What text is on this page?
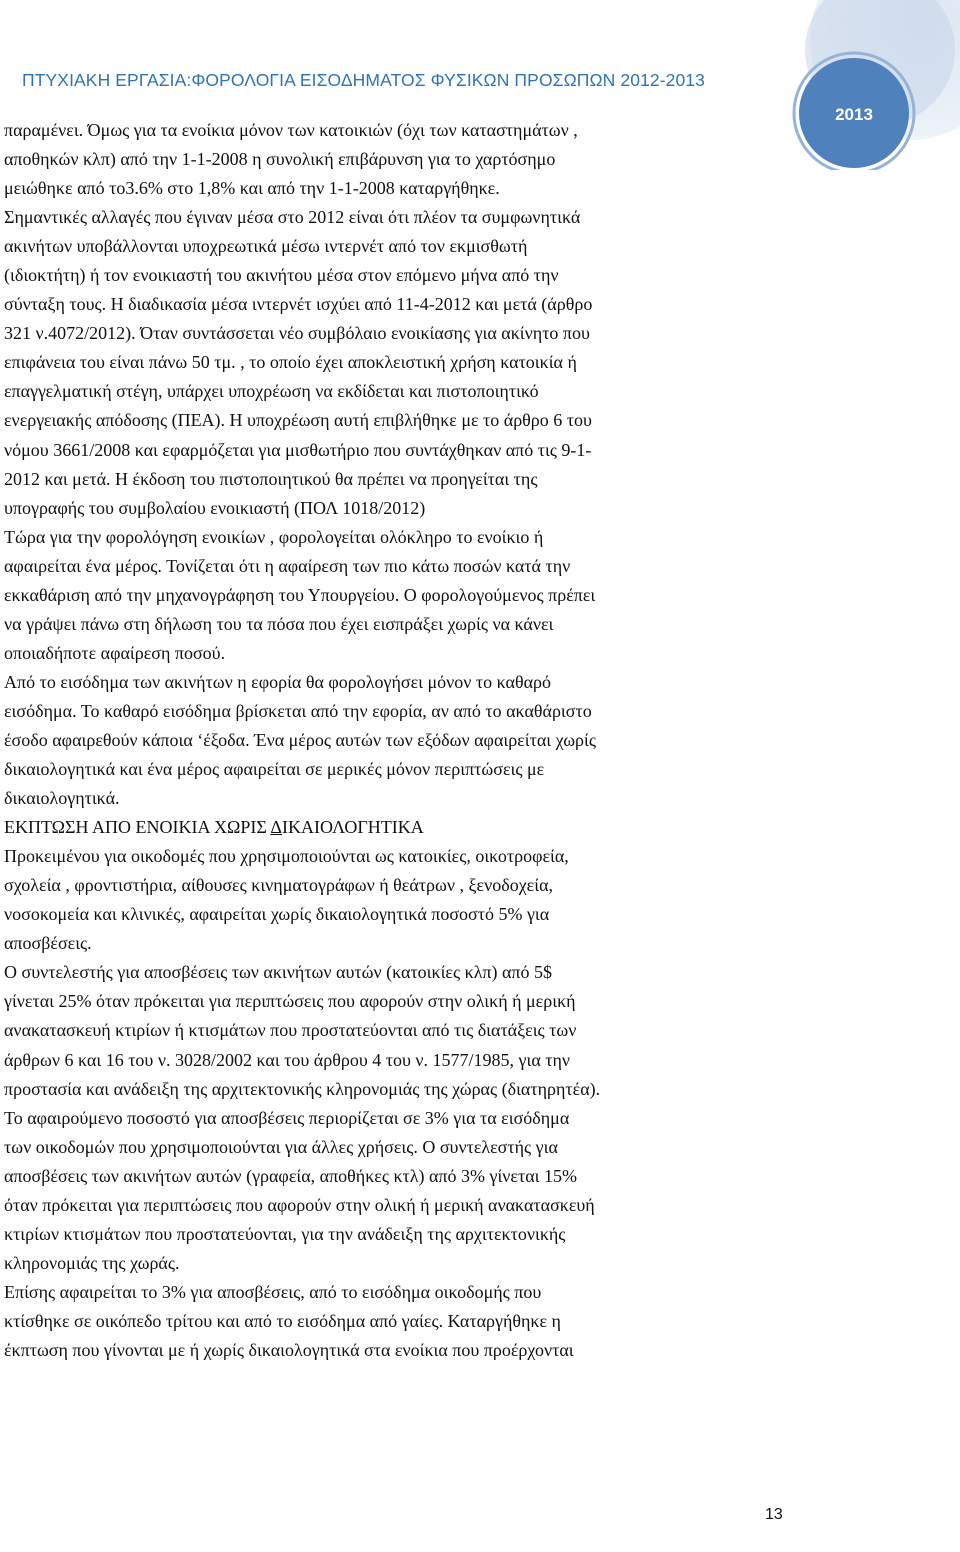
ΠΤΥΧΙΑΚΗ ΕΡΓΑΣΙΑ:ΦΟΡΟΛΟΓΙΑ ΕΙΣΟΔΗΜΑΤΟΣ ΦΥΣΙΚΩΝ ΠΡΟΣΩΠΩΝ 2012-2013
2013

παραμένει. Όμως για τα ενοίκια μόνον των κατοικιών (όχι των καταστημάτων ,

αποθηκών κλπ) από την 1-1-2008 η συνολική επιβάρυνση για το χαρτόσημο

μειώθηκε από το3.6% στο 1,8% και από την 1-1-2008 καταργήθηκε.

Σημαντικές αλλαγές που έγιναν μέσα στο 2012 είναι ότι πλέον τα συμφωνητικά

ακινήτων υποβάλλονται υποχρεωτικά μέσω ιντερνέτ από τον εκμισθωτή

(ιδιοκτήτη) ή τον ενοικιαστή του ακινήτου μέσα στον επόμενο μήνα από την

σύνταξη τους. Η διαδικασία μέσα ιντερνέτ ισχύει από 11-4-2012 και μετά (άρθρο

321 ν.4072/2012). Όταν συντάσσεται νέο συμβόλαιο ενοικίασης για ακίνητο που

επιφάνεια του είναι πάνω 50 τμ. , το οποίο έχει αποκλειστική χρήση κατοικία ή

επαγγελματική στέγη, υπάρχει υποχρέωση να εκδίδεται και πιστοποιητικό

ενεργειακής απόδοσης (ΠΕΑ). Η υποχρέωση αυτή επιβλήθηκε με το άρθρο 6 του

νόμου 3661/2008 και εφαρμόζεται για μισθωτήριο που συντάχθηκαν από τις 9-1-

2012 και μετά. Η έκδοση του πιστοποιητικού θα πρέπει να προηγείται της

υπογραφής του συμβολαίου ενοικιαστή (ΠΟΛ 1018/2012)

Τώρα για την φορολόγηση ενοικίων , φορολογείται ολόκληρο το ενοίκιο ή

αφαιρείται ένα μέρος. Τονίζεται ότι η αφαίρεση των πιο κάτω ποσών κατά την

εκκαθάριση από την μηχανογράφηση του Υπουργείου. Ο φορολογούμενος πρέπει

να γράψει πάνω στη δήλωση του τα πόσα που έχει εισπράξει χωρίς να κάνει

οποιαδήποτε αφαίρεση ποσού.

Από το εισόδημα των ακινήτων η εφορία θα φορολογήσει μόνον το καθαρό

εισόδημα. Το καθαρό εισόδημα βρίσκεται από την εφορία, αν από το ακαθάριστο

έσοδο αφαιρεθούν κάποια ‘έξοδα. Ένα μέρος αυτών των εξόδων αφαιρείται χωρίς

δικαιολογητικά και ένα μέρος αφαιρείται σε μερικές μόνον περιπτώσεις με

δικαιολογητικά.

ΕΚΠΤΩΣΗ ΑΠΟ ΕΝΟΙΚΙΑ ΧΩΡΙΣ ΔΙΚΑΙΟΛΟΓΗΤΙΚΑ

Προκειμένου για οικοδομές που χρησιμοποιούνται ως κατοικίες, οικοτροφεία,

σχολεία , φροντιστήρια, αίθουσες κινηματογράφων ή θεάτρων , ξενοδοχεία,

νοσοκομεία και κλινικές, αφαιρείται χωρίς δικαιολογητικά ποσοστό 5% για

αποσβέσεις.

Ο συντελεστής για αποσβέσεις των ακινήτων αυτών (κατοικίες κλπ) από 5$

γίνεται 25% όταν πρόκειται για περιπτώσεις που αφορούν στην ολική ή μερική

ανακατασκευή κτιρίων ή κτισμάτων που προστατεύονται από τις διατάξεις των

άρθρων 6 και 16 του ν. 3028/2002 και του άρθρου 4 του ν. 1577/1985, για την

προστασία και ανάδειξη της αρχιτεκτονικής κληρονομιάς της χώρας (διατηρητέα).

Το αφαιρούμενο ποσοστό για αποσβέσεις περιορίζεται σε 3% για τα εισόδημα

των οικοδομών που χρησιμοποιούνται για άλλες χρήσεις. Ο συντελεστής για

αποσβέσεις των ακινήτων αυτών (γραφεία, αποθήκες κτλ) από 3% γίνεται 15%

όταν πρόκειται για περιπτώσεις που αφορούν στην ολική ή μερική ανακατασκευή

κτιρίων κτισμάτων που προστατεύονται, για την ανάδειξη της αρχιτεκτονικής

κληρονομιάς της χωράς.

Επίσης αφαιρείται το 3% για αποσβέσεις, από το εισόδημα οικοδομής που

κτίσθηκε σε οικόπεδο τρίτου και από το εισόδημα από γαίες. Καταργήθηκε η

έκπτωση που γίνονται με ή χωρίς δικαιολογητικά στα ενοίκια που προέρχονται

13
